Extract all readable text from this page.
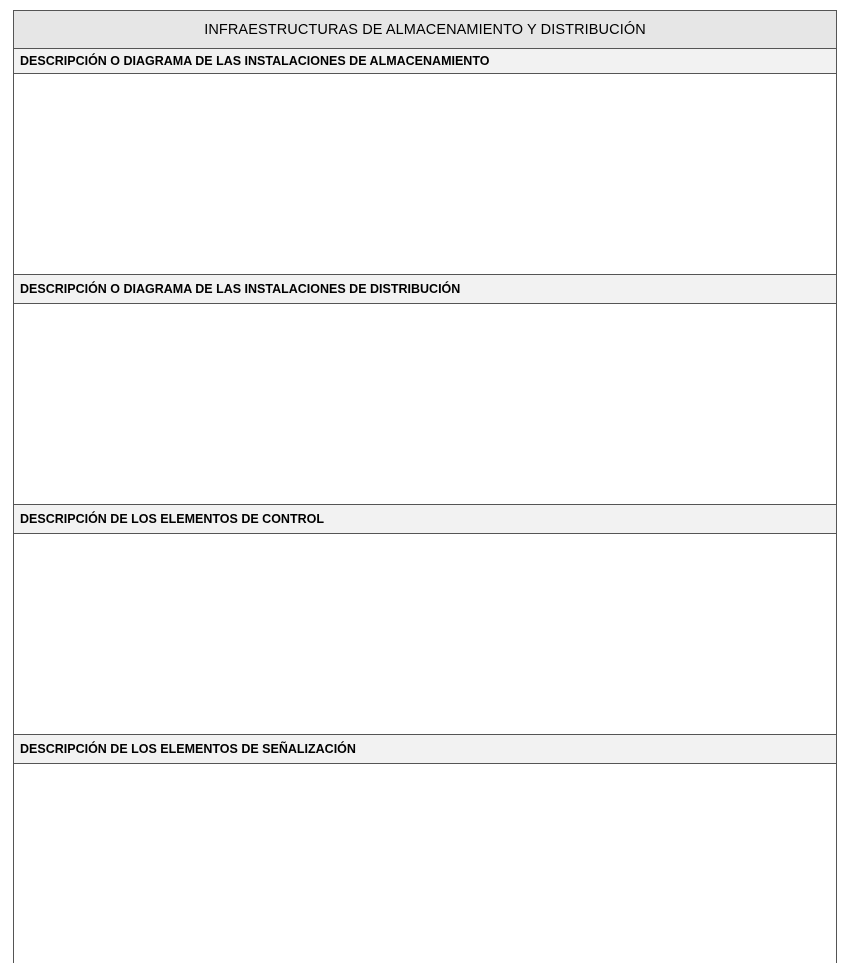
INFRAESTRUCTURAS DE ALMACENAMIENTO Y DISTRIBUCIÓN
DESCRIPCIÓN O DIAGRAMA DE LAS INSTALACIONES DE ALMACENAMIENTO
DESCRIPCIÓN O DIAGRAMA DE LAS INSTALACIONES DE DISTRIBUCIÓN
DESCRIPCIÓN DE LOS ELEMENTOS DE CONTROL
DESCRIPCIÓN DE LOS ELEMENTOS DE SEÑALIZACIÓN
